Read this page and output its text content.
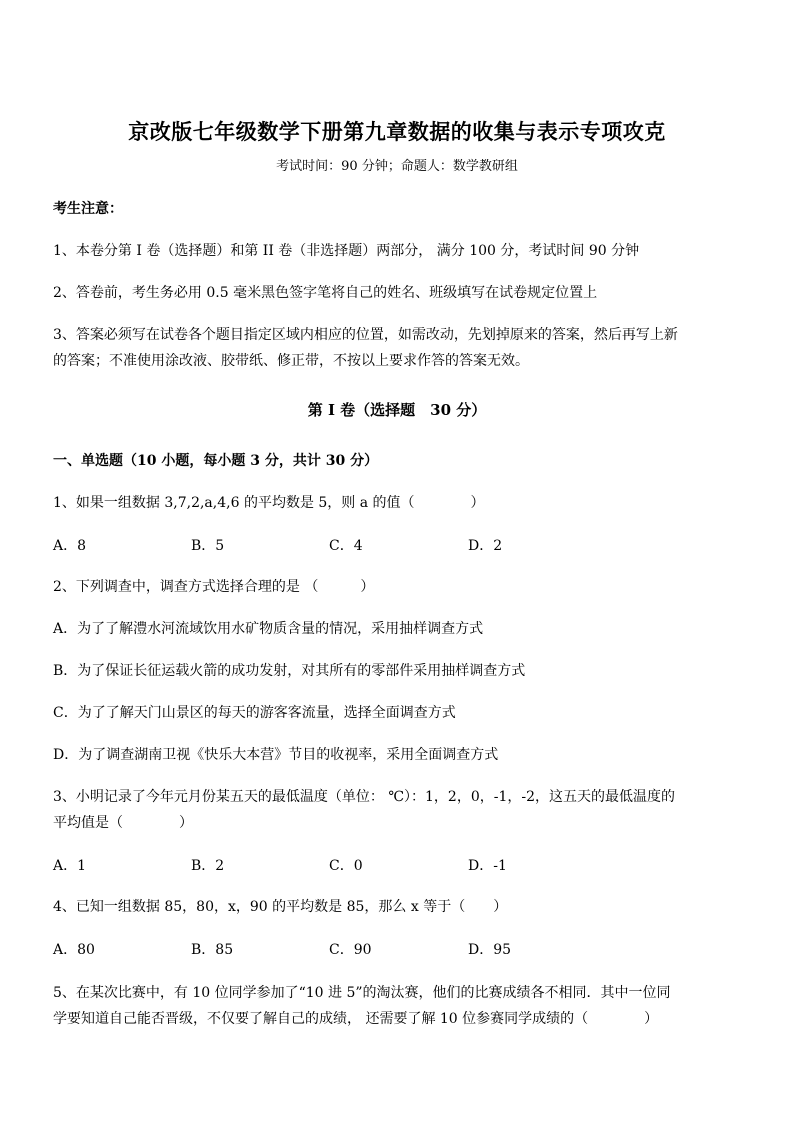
京改版七年级数学下册第九章数据的收集与表示专项攻克
考试时间：90 分钟；命题人：数学教研组
考生注意：
1、本卷分第 I 卷（选择题）和第 II 卷（非选择题）两部分， 满分 100 分，考试时间 90 分钟
2、答卷前，考生务必用 0.5 毫米黑色签字笔将自己的姓名、班级填写在试卷规定位置上
3、答案必须写在试卷各个题目指定区域内相应的位置，如需改动，先划掉原来的答案，然后再写上新
的答案；不准使用涂改液、胶带纸、修正带，不按以上要求作答的答案无效。
第 I 卷（选择题　30 分）
一、单选题（10 小题，每小题 3 分，共计 30 分）
1、如果一组数据 3,7,2,a,4,6 的平均数是 5，则 a 的值（　　　　）
A．8	B．5	C．4	D．2
2、下列调查中，调查方式选择合理的是 （　　　）
A．为了了解澧水河流域饮用水矿物质含量的情况，采用抽样调查方式
B．为了保证长征运载火箭的成功发射，对其所有的零部件采用抽样调查方式
C．为了了解天门山景区的每天的游客客流量，选择全面调查方式
D．为了调查湖南卫视《快乐大本营》节目的收视率，采用全面调查方式
3、小明记录了今年元月份某五天的最低温度（单位： ℃）：1，2，0，-1，-2，这五天的最低温度的
平均值是（　　　　）
A．1	B．2	C．0	D．-1
4、已知一组数据 85，80，x，90 的平均数是 85，那么 x 等于（　　）
A．80	B．85	C．90	D．95
5、在某次比赛中，有 10 位同学参加了“10 进 5”的淘汰赛，他们的比赛成绩各不相同．其中一位同
学要知道自己能否晋级，不仅要了解自己的成绩， 还需要了解 10 位参赛同学成绩的（　　　　）
